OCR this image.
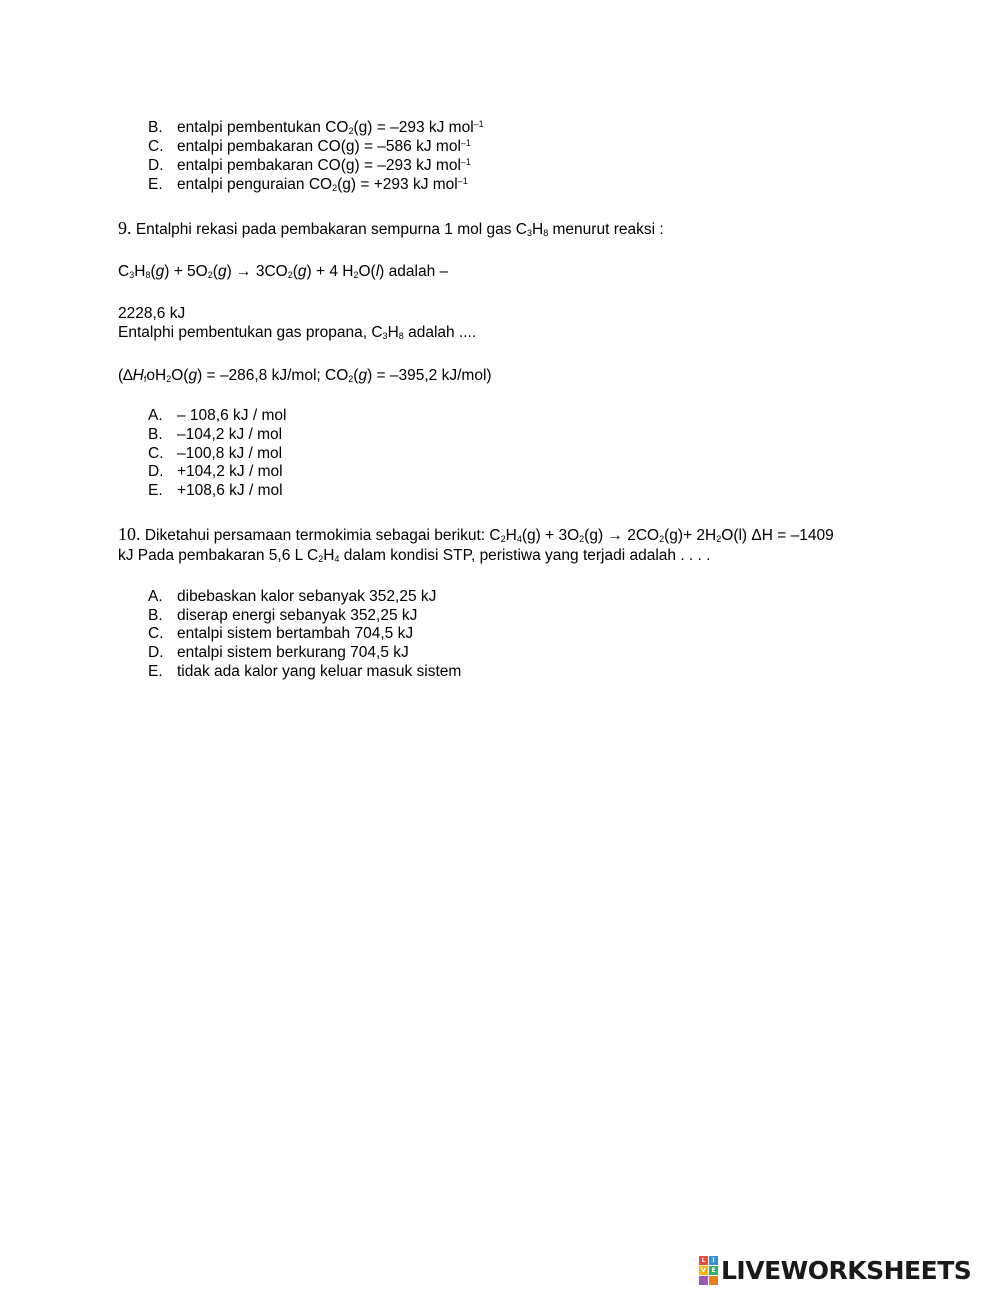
B. entalpi pembentukan $CO_2(g) = -293$ kJ mol$^{-1}$
C. entalpi pembakaran CO(g) = –586 kJ mol$^{-1}$
D. entalpi pembakaran CO(g) = –293 kJ mol$^{-1}$
E. entalpi penguraian $CO_2(g) = +293$ kJ mol$^{-1}$
9. Entalphi rekasi pada pembakaran sempurna 1 mol gas $C_3H_8$ menurut reaksi :
$C_3H_8(g) + 5O_2(g) \to 3CO_2(g) + 4$ $H_2O(l)$ adalah –
2228,6 kJ
Entalphi pembentukan gas propana, $C_3H_8$ adalah ....
($\Delta H_foH_2O(g) = -286,8$ kJ/mol; $CO_2(g) = -395,2$ kJ/mol)
A. – 108,6 kJ / mol
B. –104,2 kJ / mol
C. –100,8 kJ / mol
D. +104,2 kJ / mol
E. +108,6 kJ / mol
10. Diketahui persamaan termokimia sebagai berikut: $C_2H_4(g) + 3O_2(g) \to 2CO_2(g)+ 2H_2O(l) \Delta H = -1409$
kJ Pada pembakaran 5,6 L $C_2H_4$ dalam kondisi STP, peristiwa yang terjadi adalah . . . .
A. dibebaskan kalor sebanyak 352,25 kJ
B. diserap energi sebanyak 352,25 kJ
C. entalpi sistem bertambah 704,5 kJ
D. entalpi sistem berkurang 704,5 kJ
E. tidak ada kalor yang keluar masuk sistem
L	I
V E LIVEWORKSHEETS
